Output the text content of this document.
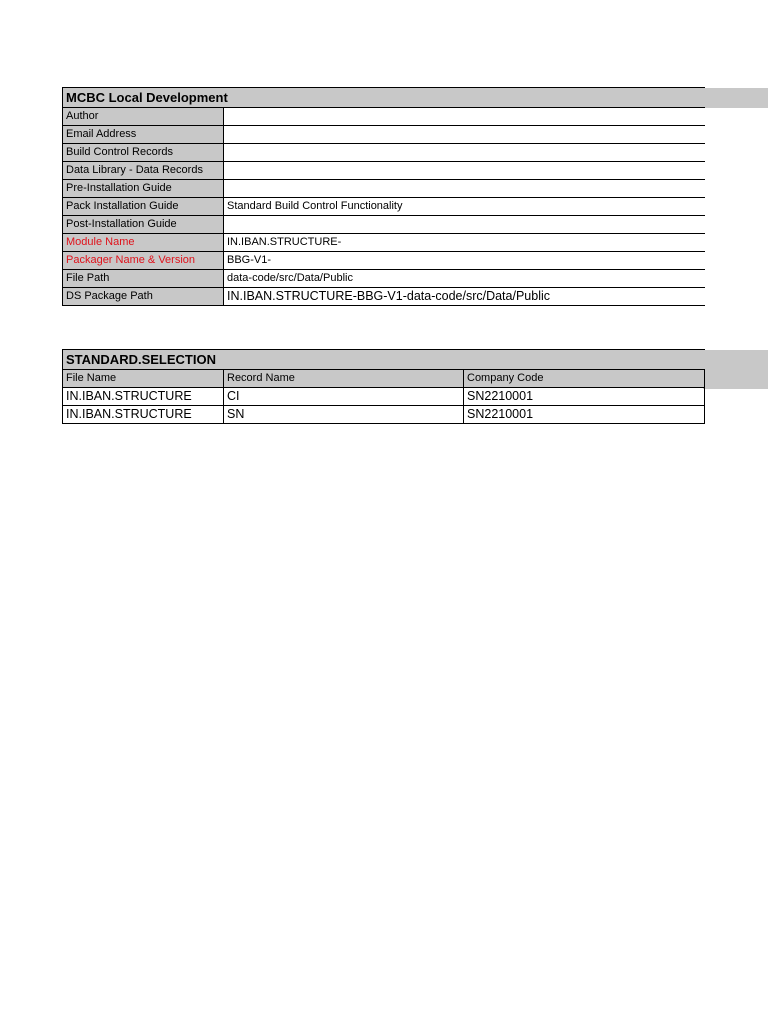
MCBC Local Development	
Author	
Email Address	
Build Control Records	
Data Library - Data Records	
Pre-Installation Guide	
Pack Installation Guide	Standard Build Control Functionality
Post-Installation Guide	
Module Name	IN.IBAN.STRUCTURE-
Packager Name & Version	BBG-V1-
File Path	data-code/src/Data/Public
DS Package Path	IN.IBAN.STRUCTURE-BBG-V1-data-code/src/Data/Public
STANDARD.SELECTION		
File Name	Record Name	Company Code
IN.IBAN.STRUCTURE	CI	SN2210001
IN.IBAN.STRUCTURE	SN	SN2210001
